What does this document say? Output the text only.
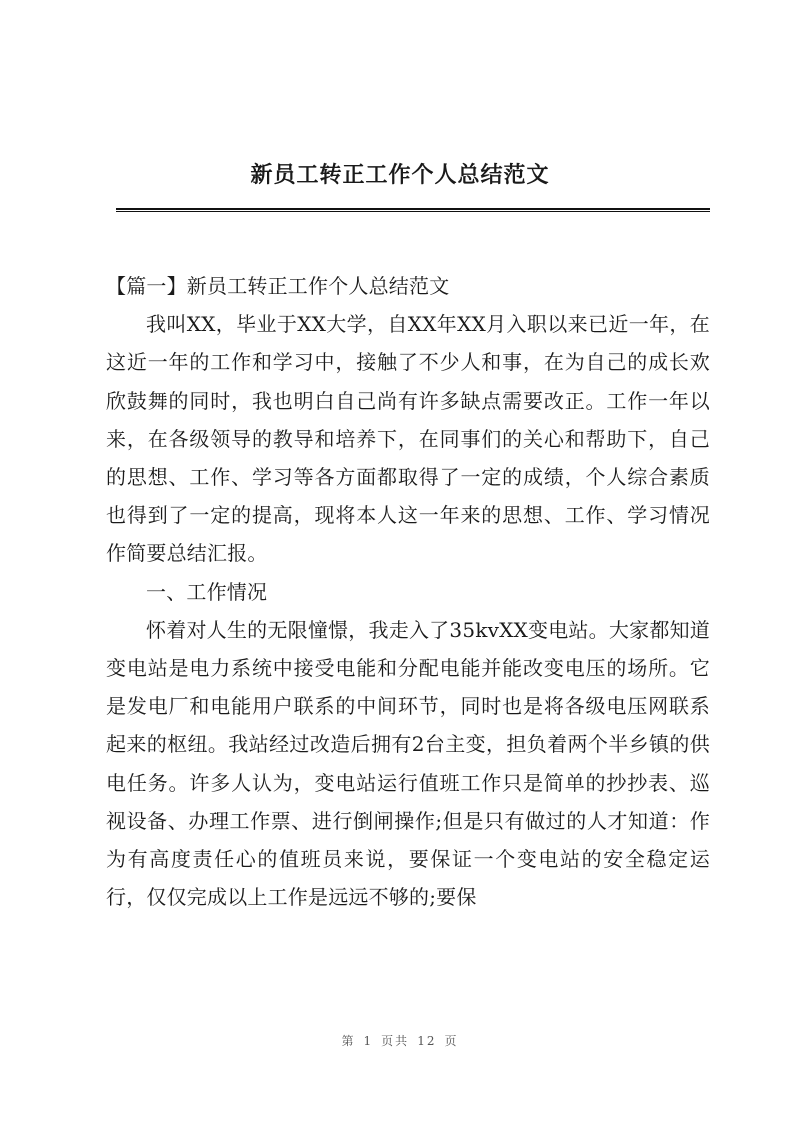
新员工转正工作个人总结范文

【篇一】新员工转正工作个人总结范文

我叫XX，毕业于XX大学，自XX年XX月入职以来已近一年，在这近一年的工作和学习中，接触了不少人和事，在为自己的成长欢欣鼓舞的同时，我也明白自己尚有许多缺点需要改正。工作一年以来，在各级领导的教导和培养下，在同事们的关心和帮助下，自己的思想、工作、学习等各方面都取得了一定的成绩，个人综合素质也得到了一定的提高，现将本人这一年来的思想、工作、学习情况作简要总结汇报。

一、工作情况

怀着对人生的无限憧憬，我走入了35kvXX变电站。大家都知道变电站是电力系统中接受电能和分配电能并能改变电压的场所。它是发电厂和电能用户联系的中间环节，同时也是将各级电压网联系起来的枢纽。我站经过改造后拥有2台主变，担负着两个半乡镇的供电任务。许多人认为，变电站运行值班工作只是简单的抄抄表、巡视设备、办理工作票、进行倒闸操作;但是只有做过的人才知道：作为有高度责任心的值班员来说，要保证一个变电站的安全稳定运行，仅仅完成以上工作是远远不够的;要保

第 1 页共 12 页
